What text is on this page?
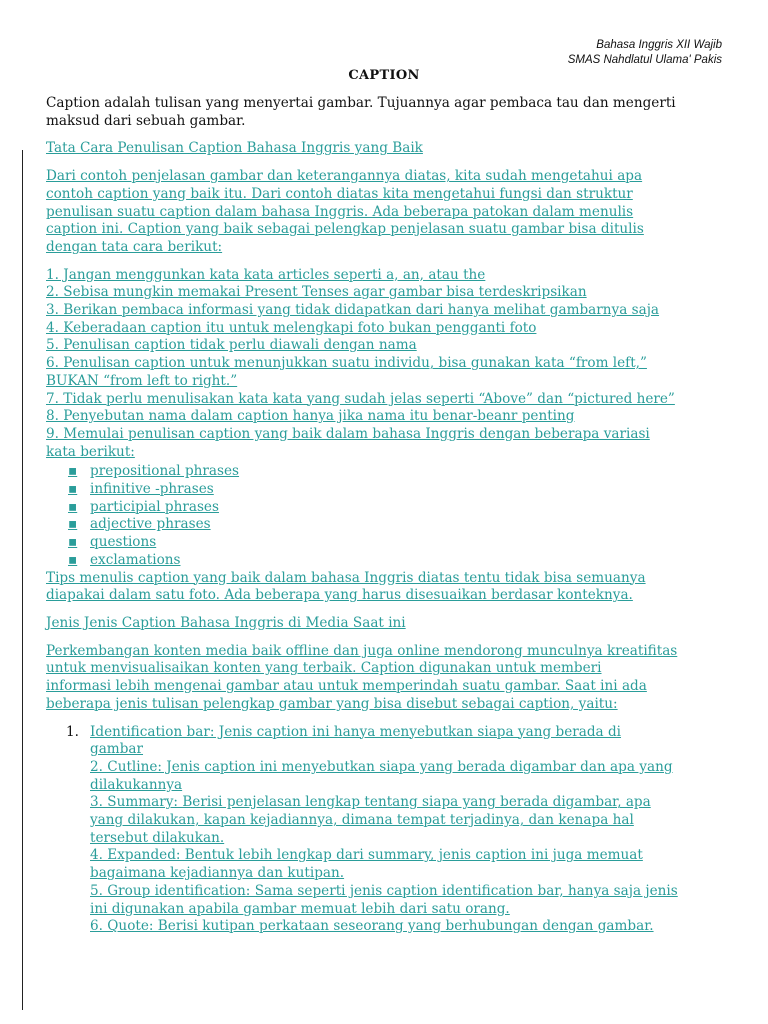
Bahasa Inggris XII Wajib
SMAS Nahdlatul Ulama' Pakis
CAPTION
Caption adalah tulisan yang menyertai gambar. Tujuannya agar pembaca tau dan mengerti
maksud dari sebuah gambar.
Tata Cara Penulisan Caption Bahasa Inggris yang Baik
Dari contoh penjelasan gambar dan keterangannya diatas, kita sudah mengetahui apa
contoh caption yang baik itu. Dari contoh diatas kita mengetahui fungsi dan struktur
penulisan suatu caption dalam bahasa Inggris. Ada beberapa patokan dalam menulis
caption ini. Caption yang baik sebagai pelengkap penjelasan suatu gambar bisa ditulis
dengan tata cara berikut:
1. Jangan menggunkan kata kata articles seperti a, an, atau the
2. Sebisa mungkin memakai Present Tenses agar gambar bisa terdeskripsikan
3. Berikan pembaca informasi yang tidak didapatkan dari hanya melihat gambarnya saja
4. Keberadaan caption itu untuk melengkapi foto bukan pengganti foto
5. Penulisan caption tidak perlu diawali dengan nama
6. Penulisan caption untuk menunjukkan suatu individu, bisa gunakan kata “from left,”
BUKAN “from left to right.”
7. Tidak perlu menulisakan kata kata yang sudah jelas seperti “Above” dan “pictured here”
8. Penyebutan nama dalam caption hanya jika nama itu benar-beanr penting
9. Memulai penulisan caption yang baik dalam bahasa Inggris dengan beberapa variasi
kata berikut:
▪ prepositional phrases
▪ infinitive -phrases
▪ participial phrases
▪ adjective phrases
▪ questions
▪ exclamations
Tips menulis caption yang baik dalam bahasa Inggris diatas tentu tidak bisa semuanya
diapakai dalam satu foto. Ada beberapa yang harus disesuaikan berdasar konteknya.
Jenis Jenis Caption Bahasa Inggris di Media Saat ini
Perkembangan konten media baik offline dan juga online mendorong munculnya kreatifitas
untuk menvisualisaikan konten yang terbaik. Caption digunakan untuk memberi
informasi lebih mengenai gambar atau untuk memperindah suatu gambar. Saat ini ada
beberapa jenis tulisan pelengkap gambar yang bisa disebut sebagai caption, yaitu:
1. Identification bar: Jenis caption ini hanya menyebutkan siapa yang berada di
gambar
2. Cutline: Jenis caption ini menyebutkan siapa yang berada digambar dan apa yang
dilakukannya
3. Summary: Berisi penjelasan lengkap tentang siapa yang berada digambar, apa
yang dilakukan, kapan kejadiannya, dimana tempat terjadinya, dan kenapa hal
tersebut dilakukan.
4. Expanded: Bentuk lebih lengkap dari summary, jenis caption ini juga memuat
bagaimana kejadiannya dan kutipan.
5. Group identification: Sama seperti jenis caption identification bar, hanya saja jenis
ini digunakan apabila gambar memuat lebih dari satu orang.
6. Quote: Berisi kutipan perkataan seseorang yang berhubungan dengan gambar.
